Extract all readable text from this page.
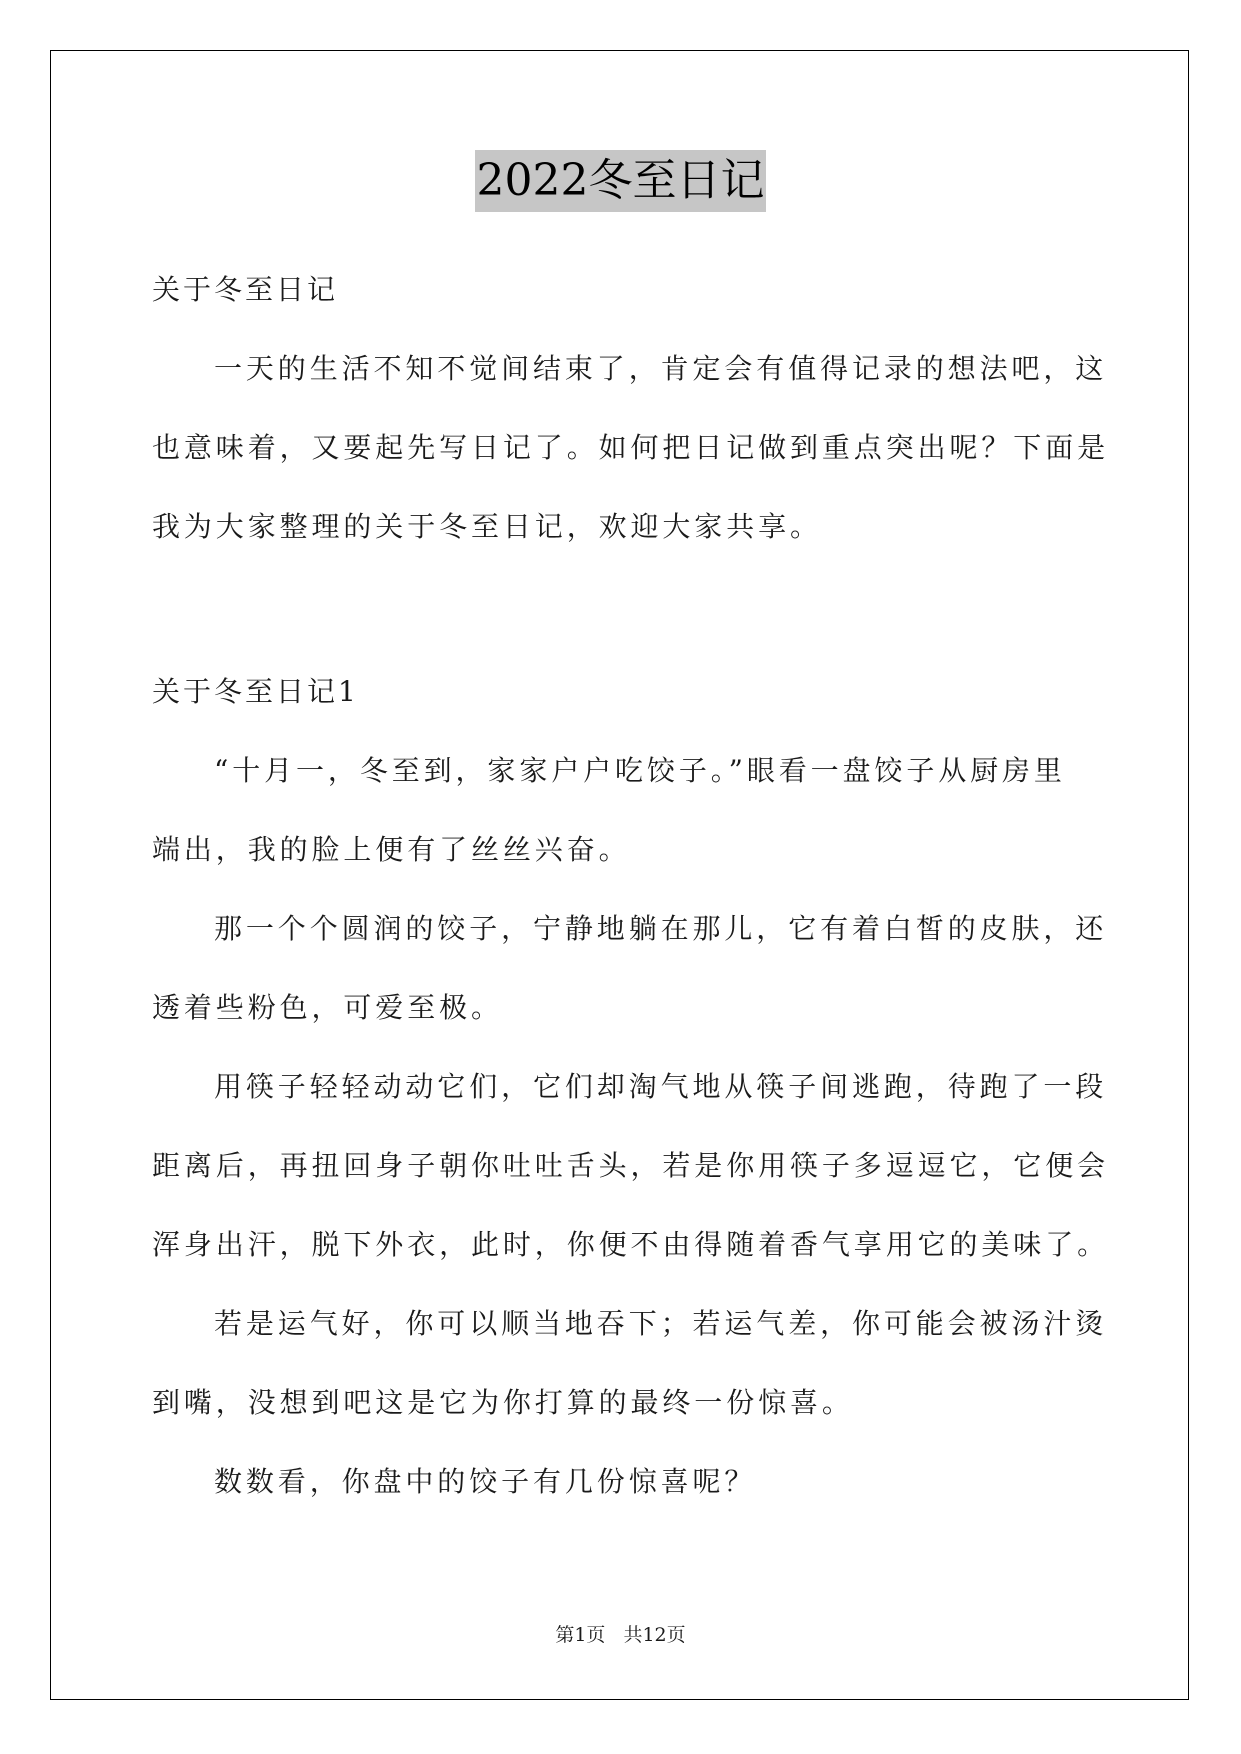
2022冬至日记

关于冬至日记

一天的生活不知不觉间结束了，肯定会有值得记录的想法吧，这

也意味着，又要起先写日记了。如何把日记做到重点突出呢？下面是

我为大家整理的关于冬至日记，欢迎大家共享。

关于冬至日记1

“十月一，冬至到，家家户户吃饺子。”眼看一盘饺子从厨房里

端出，我的脸上便有了丝丝兴奋。

那一个个圆润的饺子，宁静地躺在那儿，它有着白皙的皮肤，还

透着些粉色，可爱至极。

用筷子轻轻动动它们，它们却淘气地从筷子间逃跑，待跑了一段

距离后，再扭回身子朝你吐吐舌头，若是你用筷子多逗逗它，它便会

浑身出汗，脱下外衣，此时，你便不由得随着香气享用它的美味了。

若是运气好，你可以顺当地吞下；若运气差，你可能会被汤汁烫

到嘴，没想到吧这是它为你打算的最终一份惊喜。

数数看，你盘中的饺子有几份惊喜呢？

第1页 共12页
